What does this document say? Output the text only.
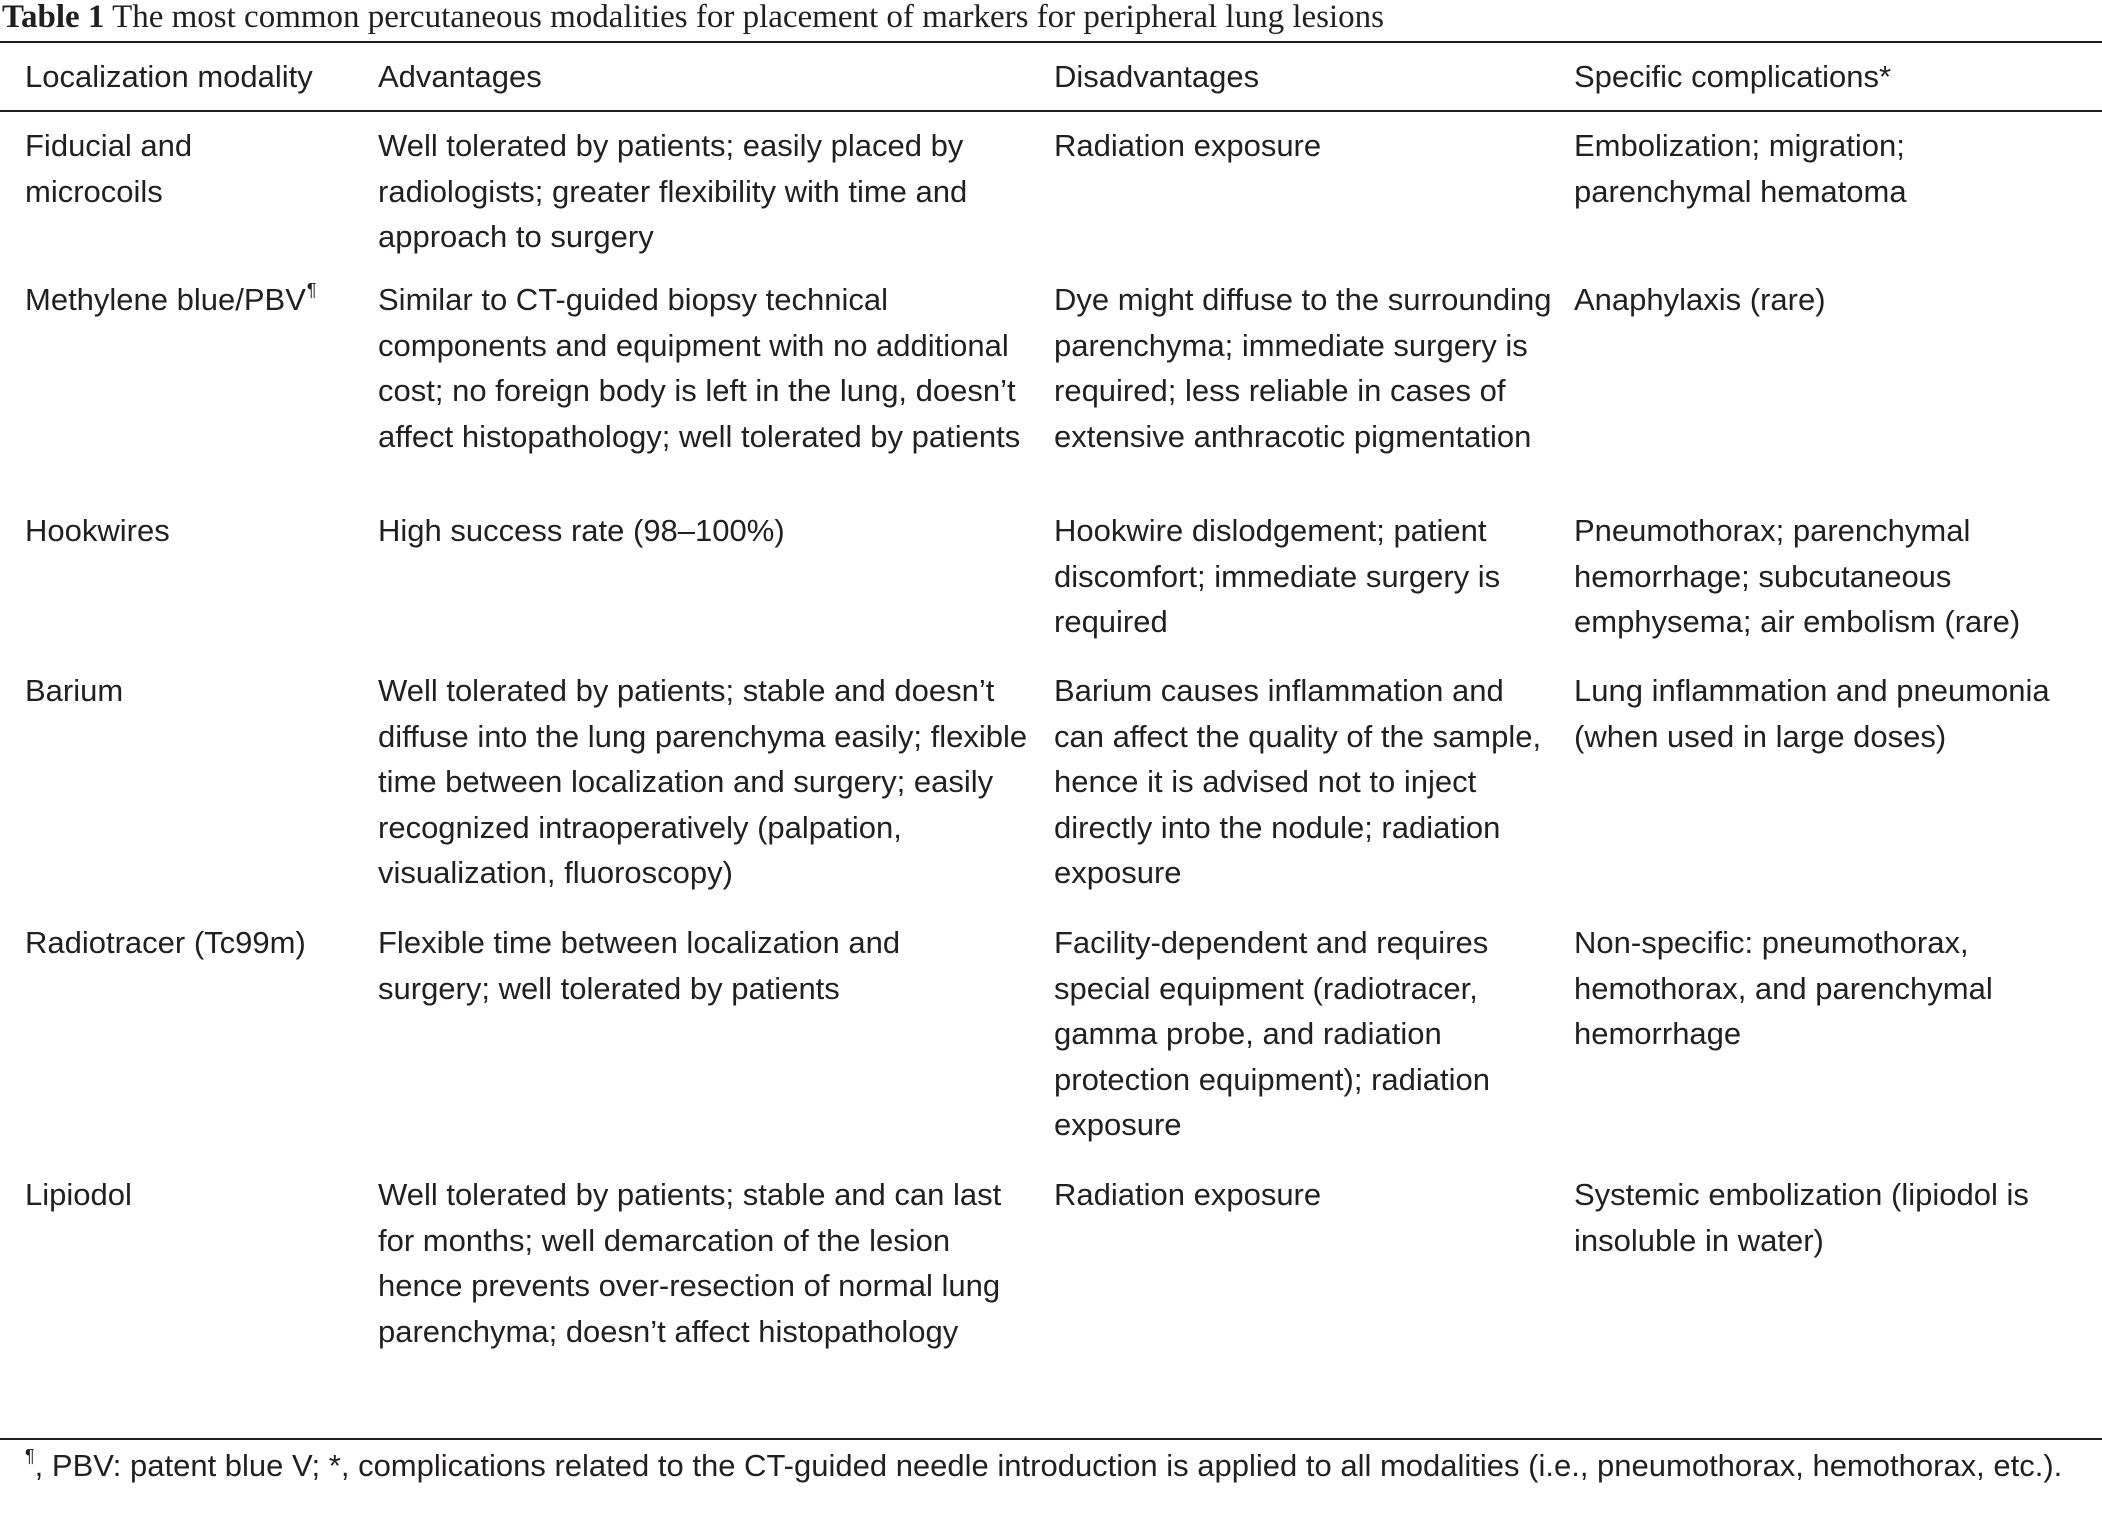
Table 1 The most common percutaneous modalities for placement of markers for peripheral lung lesions
Localization modality	Advantages	Disadvantages	Specific complications*
Fiducial and microcoils	Well tolerated by patients; easily placed by radiologists; greater flexibility with time and approach to surgery	Radiation exposure	Embolization; migration; parenchymal hematoma
Methylene blue/PBV¶	Similar to CT-guided biopsy technical components and equipment with no additional cost; no foreign body is left in the lung, doesn’t affect histopathology; well tolerated by patients	Dye might diffuse to the surrounding parenchyma; immediate surgery is required; less reliable in cases of extensive anthracotic pigmentation	Anaphylaxis (rare)
Hookwires	High success rate (98–100%)	Hookwire dislodgement; patient discomfort; immediate surgery is required	Pneumothorax; parenchymal hemorrhage; subcutaneous emphysema; air embolism (rare)
Barium	Well tolerated by patients; stable and doesn’t diffuse into the lung parenchyma easily; flexible time between localization and surgery; easily recognized intraoperatively (palpation, visualization, fluoroscopy)	Barium causes inflammation and can affect the quality of the sample, hence it is advised not to inject directly into the nodule; radiation exposure	Lung inflammation and pneumonia (when used in large doses)
Radiotracer (Tc99m)	Flexible time between localization and surgery; well tolerated by patients	Facility-dependent and requires special equipment (radiotracer, gamma probe, and radiation protection equipment); radiation exposure	Non-specific: pneumothorax, hemothorax, and parenchymal hemorrhage
Lipiodol	Well tolerated by patients; stable and can last for months; well demarcation of the lesion hence prevents over-resection of normal lung parenchyma; doesn’t affect histopathology	Radiation exposure	Systemic embolization (lipiodol is insoluble in water)
¶, PBV: patent blue V; *, complications related to the CT-guided needle introduction is applied to all modalities (i.e., pneumothorax, hemothorax, etc.).
